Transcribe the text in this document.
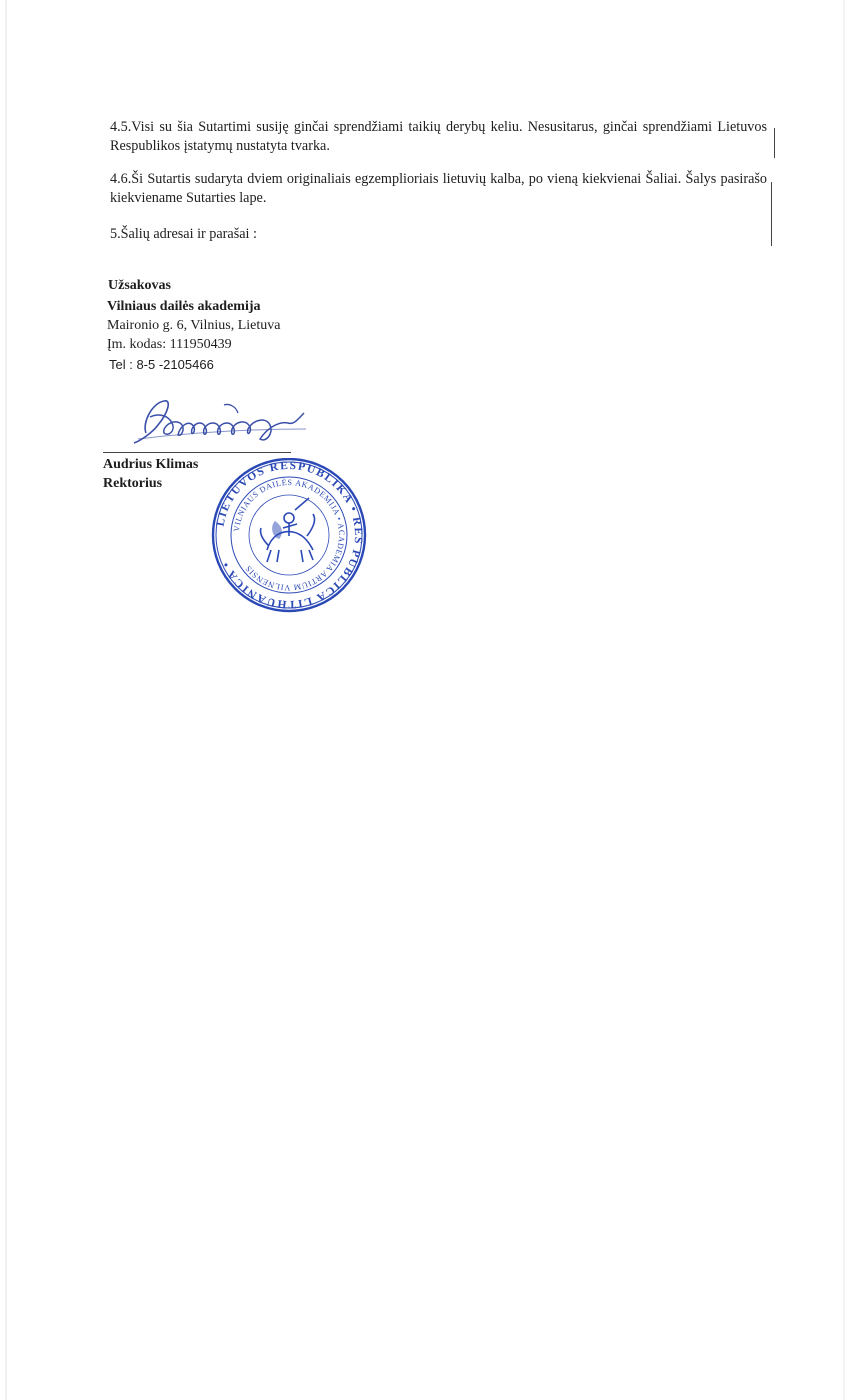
4.5.Visi su šia Sutartimi susiję ginčai sprendžiami taikių derybų keliu. Nesusitarus, ginčai sprendžiami Lietuvos Respublikos įstatymų nustatyta tvarka.

4.6.Ši Sutartis sudaryta dviem originaliais egzemplioriais lietuvių kalba, po vieną kiekvienai Šaliai. Šalys pasirašo kiekviename Sutarties lape.

5.Šalių adresai ir parašai :

Užsakovas
Vilniaus dailės akademija
Maironio g. 6, Vilnius, Lietuva
Įm. kodas: 111950439
Tel : 8-5 -2105466
Audrius Klimas
Rektorius
LIETUVOS RESPUBLIKA • RES PUBLICA LITHUANICA •
VILNIAUS DAILĖS AKADEMIJA • ACADEMIA ARTIUM VILNENSIS
